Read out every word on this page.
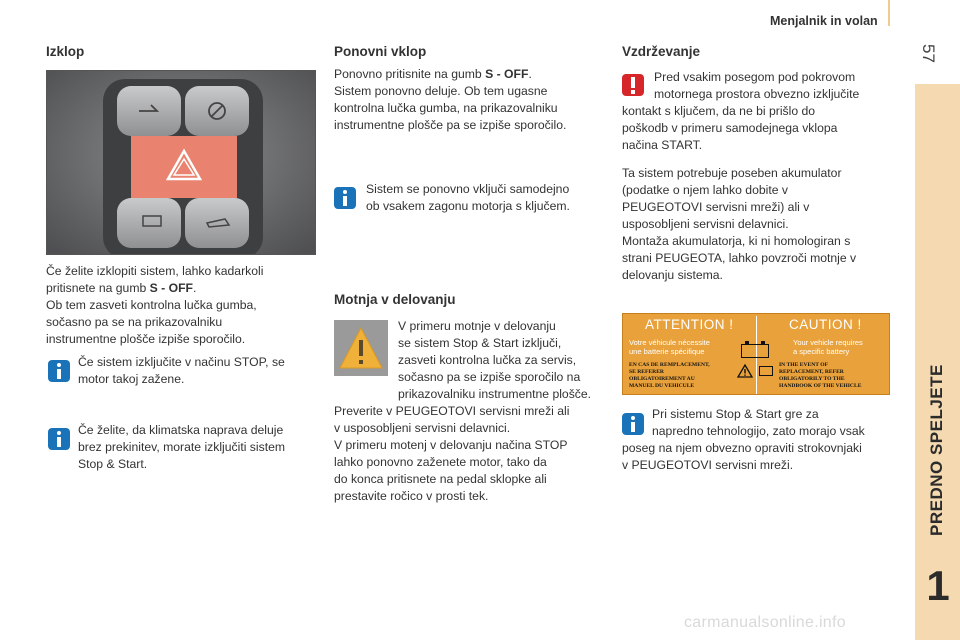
Menjalnik in volan
57
PREDNO SPELJETE
1
Izklop
Če želite izklopiti sistem, lahko kadarkoli
pritisnete na gumb S - OFF.
Ob tem zasveti kontrolna lučka gumba,
sočasno pa se na prikazovalniku
instrumentne plošče izpiše sporočilo.
Če sistem izključite v načinu STOP, se
motor takoj zažene.
Če želite, da klimatska naprava deluje
brez prekinitev, morate izključiti sistem
Stop & Start.
Ponovni vklop
Ponovno pritisnite na gumb S - OFF.
Sistem ponovno deluje. Ob tem ugasne
kontrolna lučka gumba, na prikazovalniku
instrumentne plošče pa se izpiše sporočilo.
Sistem se ponovno vključi samodejno
ob vsakem zagonu motorja s ključem.
Motnja v delovanju
V primeru motnje v delovanju
se sistem Stop & Start izključi,
zasveti kontrolna lučka za servis,
sočasno pa se izpiše sporočilo na
prikazovalniku instrumentne plošče.
Preverite v PEUGEOTOVI servisni mreži ali
v usposobljeni servisni delavnici.
V primeru motenj v delovanju načina STOP
lahko ponovno zaženete motor, tako da
do konca pritisnete na pedal sklopke ali
prestavite ročico v prosti tek.
Vzdrževanje
Pred vsakim posegom pod pokrovom
motornega prostora obvezno izključite
kontakt s ključem, da ne bi prišlo do
poškodb v primeru samodejnega vklopa
načina START.
Ta sistem potrebuje poseben akumulator
(podatke o njem lahko dobite v
PEUGEOTOVI servisni mreži) ali v
usposobljeni servisni delavnici.
Montaža akumulatorja, ki ni homologiran s
strani PEUGEOTA, lahko povzroči motnje v
delovanju sistema.
ATTENTION !	CAUTION !
Votre véhicule nécessite
une batterie spécifique
Your vehicle requires
a specific battery
EN CAS DE REMPLACEMENT,
SE REFERER
OBLIGATOIREMENT AU
MANUEL DU VEHICULE
IN THE EVENT OF
REPLACEMENT, REFER
OBLIGATORILY TO THE
HANDBOOK OF THE VEHICLE
Pri sistemu Stop & Start gre za
napredno tehnologijo, zato morajo vsak
poseg na njem obvezno opraviti strokovnjaki
v PEUGEOTOVI servisni mreži.
carmanualsonline.info
